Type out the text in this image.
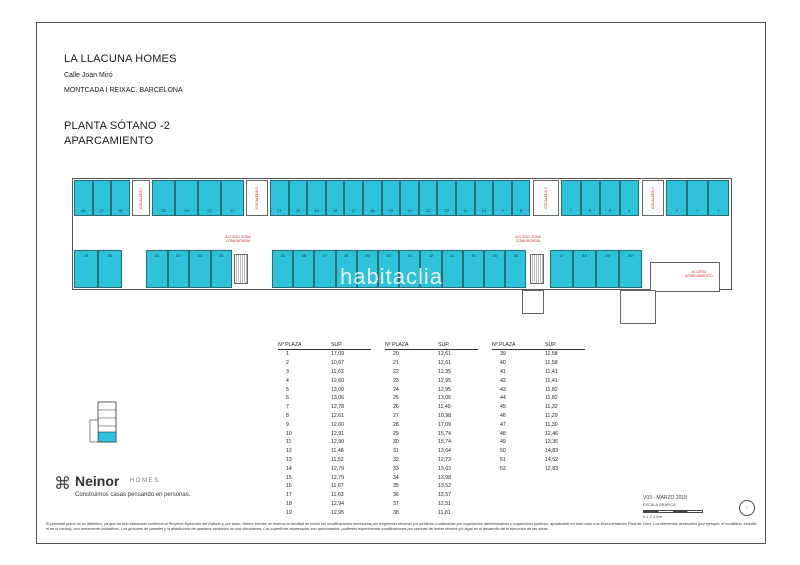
LA LLACUNA HOMES
Calle Joan Miró
MONTCADA I REIXAC. BARCELONA
PLANTA SÓTANO -2
APARCAMIENTO
26	27	28	25	24	23	22	21	20	19	18	17	16	15	14	13	12	11	10	9	8	7	6	5	4	3	2	1
29	30	31	32	33	34	35	36	37	38	39	40	41	42	43	44	45	46	47	48	49	50
ESCALERA 1	ESCALERA 2	ESCALERA 3	ESCALERA 4
ACCESO ZONA COMUNITARIA
ACCESO ZONA COMUNITARIA
ACCESO APARCAMIENTO
habitaclia
Nº PLAZA	SUP.
1	17,09
2	10,67
3	11,63
4	12,60
5	13,00
6	13,06
7	12,78
8	12,61
9	12,60
10	12,91
11	12,90
12	11,48
13	11,52
14	12,79
15	12,79
16	11,67
17	11,63
18	12,94
19	12,95
Nº PLAZA	SUP.
20	12,61
21	12,61
22	12,35
23	12,95
24	12,95
25	13,06
26	11,40
27	10,98
28	17,09
29	15,74
30	15,74
31	13,64
32	12,73
33	13,63
34	13,98
35	13,52
36	12,57
37	12,51
38	11,81
Nº PLAZA	SUP.
39	11,58
40	11,58
41	11,41
42	11,41
43	11,82
44	11,82
45	11,32
46	11,29
47	11,30
48	12,46
49	13,36
50	14,83
51	14,52
52	12,83
⌘ Neinor HOMES
Construimos casas pensando en personas.	V03 - MARZO 2018
ESCALA GRÁFICA
0 1 2 4 6m
↑
El presente plano no es definitivo, ya que ha sido elaborado conforme al Proyecto Ejecución del Edificio y, por tanto, Neinor Homes se reserva la facultad de incluir las modificaciones necesarias por exigencias técnicas y/o jurídicas u ordenadas por organismos administrativos u organismos públicos, ajustándolo en todo caso a la Documentación Final de Obra. Los elementos accesorios (por ejemplo, el mobiliario, incluido el de la cocina), son meramente ilustrativos. Los grosores de paredes y la distribución de aparatos sanitarios no son vinculantes. Las superficies expresadas son aproximadas, pudiendo experimentar modificaciones por razones de índole técnica y/o legal en el desarrollo de la ejecución de las obras.
